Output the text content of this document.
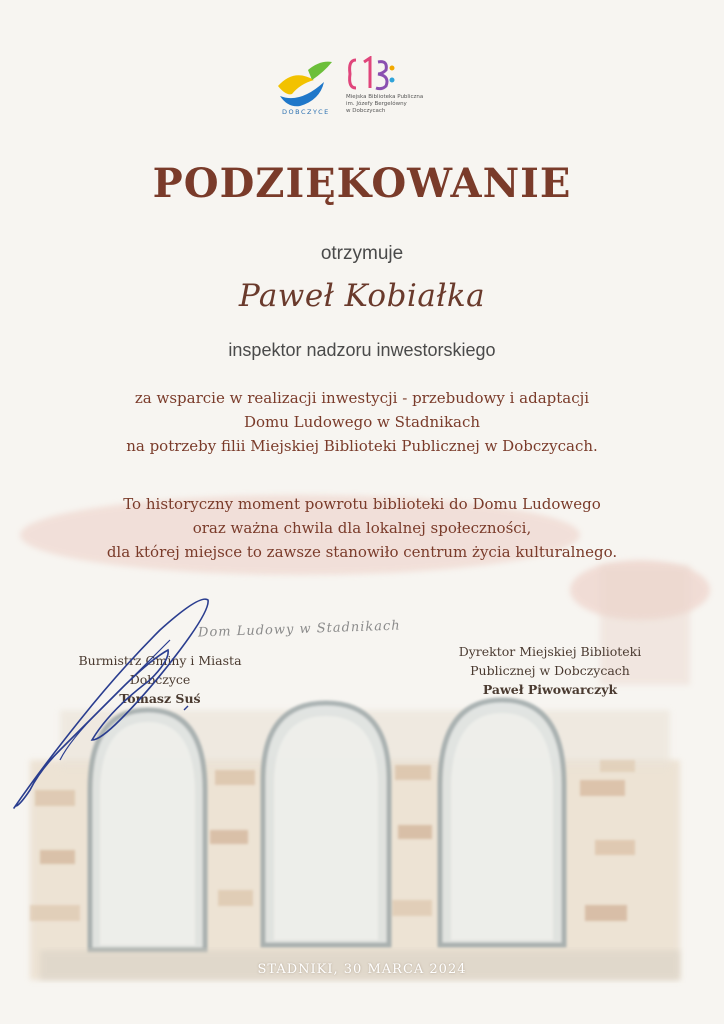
DOBCZYCE
Miejska Biblioteka Publiczna
im. Józefy Bergelówny
w Dobczycach
PODZIĘKOWANIE
otrzymuje
Paweł Kobiałka
inspektor nadzoru inwestorskiego
za wsparcie w realizacji inwestycji - przebudowy i adaptacji
Domu Ludowego w Stadnikach
na potrzeby filii Miejskiej Biblioteki Publicznej w Dobczycach.
To historyczny moment powrotu biblioteki do Domu Ludowego
oraz ważna chwila dla lokalnej społeczności,
dla której miejsce to zawsze stanowiło centrum życia kulturalnego.
Dom Ludowy w Stadnikach
Burmistrz Gminy i Miasta
Dobczyce
Tomasz Suś
Dyrektor Miejskiej Biblioteki
Publicznej w Dobczycach
Paweł Piwowarczyk
STADNIKI, 30 MARCA 2024
